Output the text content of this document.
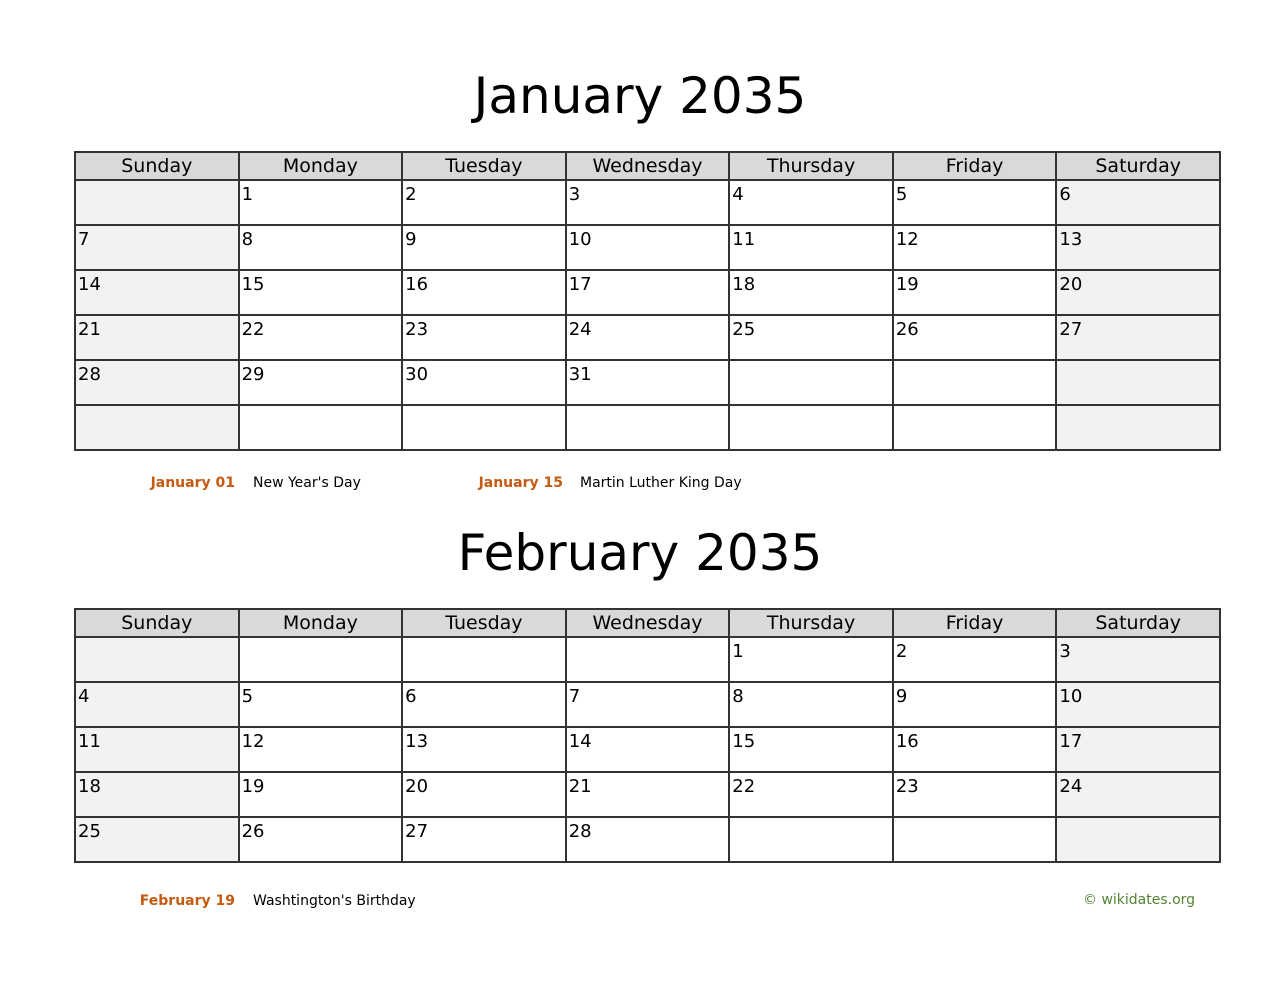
January 2035
Sunday	Monday	Tuesday	Wednesday	Thursday	Friday	Saturday
	1	2	3	4	5	6
7	8	9	10	11	12	13
14	15	16	17	18	19	20
21	22	23	24	25	26	27
28	29	30	31			

January 01 New Year's Day	January 15 Martin Luther King Day
February 2035
Sunday	Monday	Tuesday	Wednesday	Thursday	Friday	Saturday
				1	2	3
4	5	6	7	8	9	10
11	12	13	14	15	16	17
18	19	20	21	22	23	24
25	26	27	28			
February 19 Washtington's Birthday	© wikidates.org
